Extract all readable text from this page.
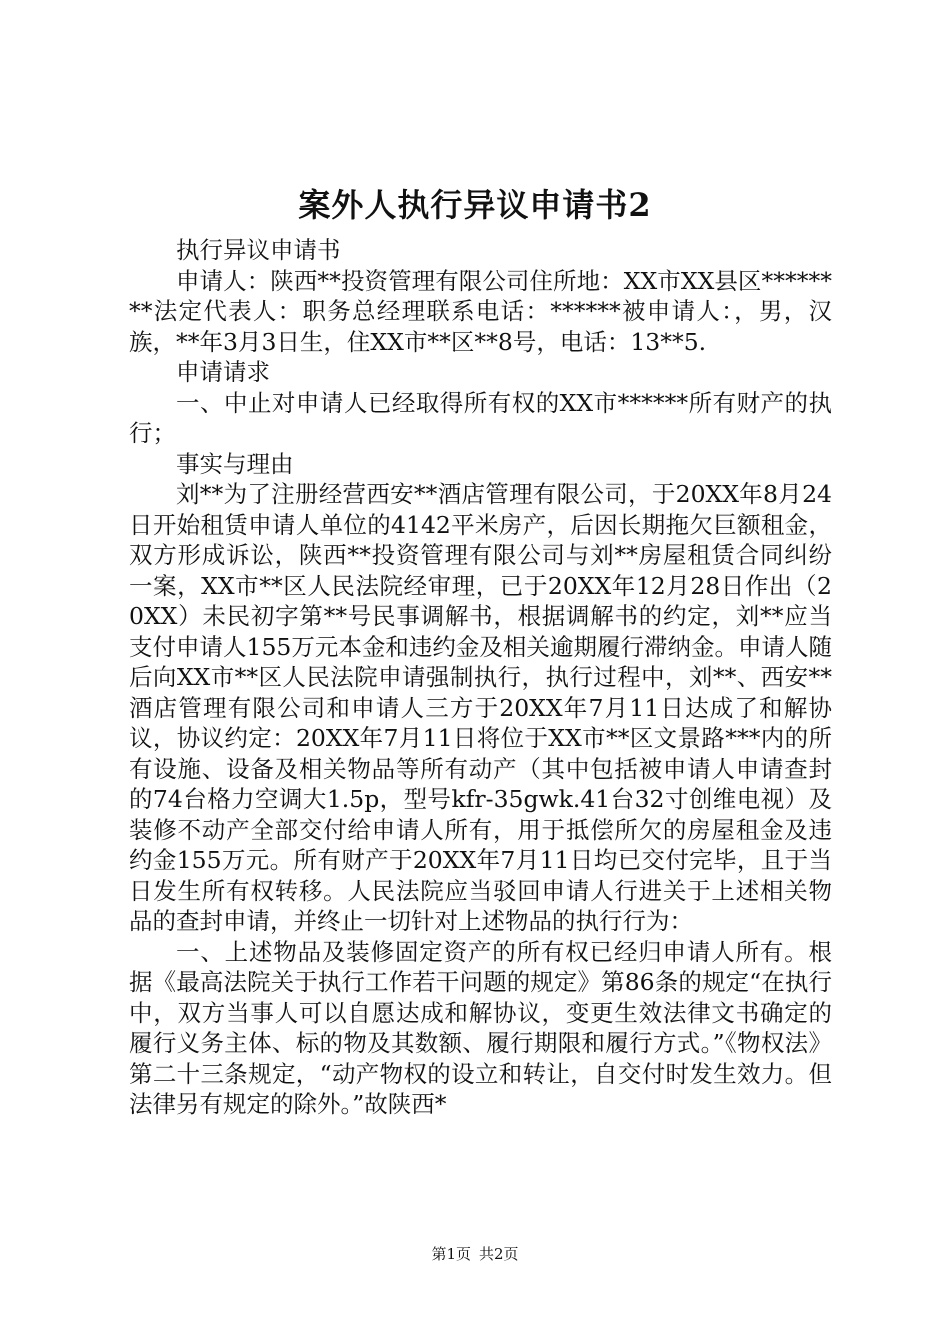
案外人执行异议申请书2

执行异议申请书

申请人：陕西**投资管理有限公司住所地：XX市XX县区********法定代表人：职务总经理联系电话：******被申请人：，男，汉族，**年3月3日生，住XX市**区**8号，电话：13**5.

申请请求

一、中止对申请人已经取得所有权的XX市******所有财产的执行；

事实与理由

刘**为了注册经营西安**酒店管理有限公司，于20XX年8月24日开始租赁申请人单位的4142平米房产，后因长期拖欠巨额租金，双方形成诉讼，陕西**投资管理有限公司与刘**房屋租赁合同纠纷一案，XX市**区人民法院经审理，已于20XX年12月28日作出（20XX）未民初字第**号民事调解书，根据调解书的约定，刘**应当支付申请人155万元本金和违约金及相关逾期履行滞纳金。申请人随后向XX市**区人民法院申请强制执行，执行过程中，刘**、西安**酒店管理有限公司和申请人三方于20XX年7月11日达成了和解协议，协议约定：20XX年7月11日将位于XX市**区文景路***内的所有设施、设备及相关物品等所有动产（其中包括被申请人申请查封的74台格力空调大1.5p，型号kfr-35gwk.41台32寸创维电视）及装修不动产全部交付给申请人所有，用于抵偿所欠的房屋租金及违约金155万元。所有财产于20XX年7月11日均已交付完毕，且于当日发生所有权转移。人民法院应当驳回申请人行进关于上述相关物品的查封申请，并终止一切针对上述物品的执行行为：

一、上述物品及装修固定资产的所有权已经归申请人所有。根据《最高法院关于执行工作若干问题的规定》第86条的规定“在执行中，双方当事人可以自愿达成和解协议，变更生效法律文书确定的履行义务主体、标的物及其数额、履行期限和履行方式。”《物权法》第二十三条规定，“动产物权的设立和转让，自交付时发生效力。但法律另有规定的除外。”故陕西*

第1页 共2页
